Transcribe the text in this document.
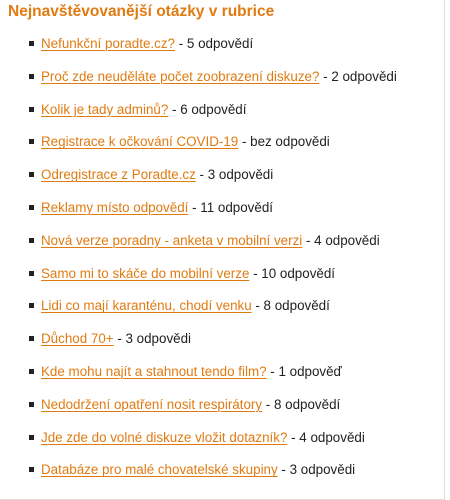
Nejnavštěvovanější otázky v rubrice
Nefunkční poradte.cz? - 5 odpovědí
Proč zde neuděláte počet zoobrazení diskuze? - 2 odpovědi
Kolik je tady adminů? - 6 odpovědí
Registrace k očkování COVID-19 - bez odpovědi
Odregistrace z Poradte.cz - 3 odpovědi
Reklamy místo odpovědí - 11 odpovědí
Nová verze poradny - anketa v mobilní verzi - 4 odpovědi
Samo mi to skáče do mobilní verze - 10 odpovědí
Lidi co mají karanténu, chodí venku - 8 odpovědí
Důchod 70+ - 3 odpovědi
Kde mohu najít a stahnout tendo film? - 1 odpověď
Nedodržení opatření nosit respirátory - 8 odpovědí
Jde zde do volné diskuze vložit dotazník? - 4 odpovědi
Databáze pro malé chovatelské skupiny - 3 odpovědi
